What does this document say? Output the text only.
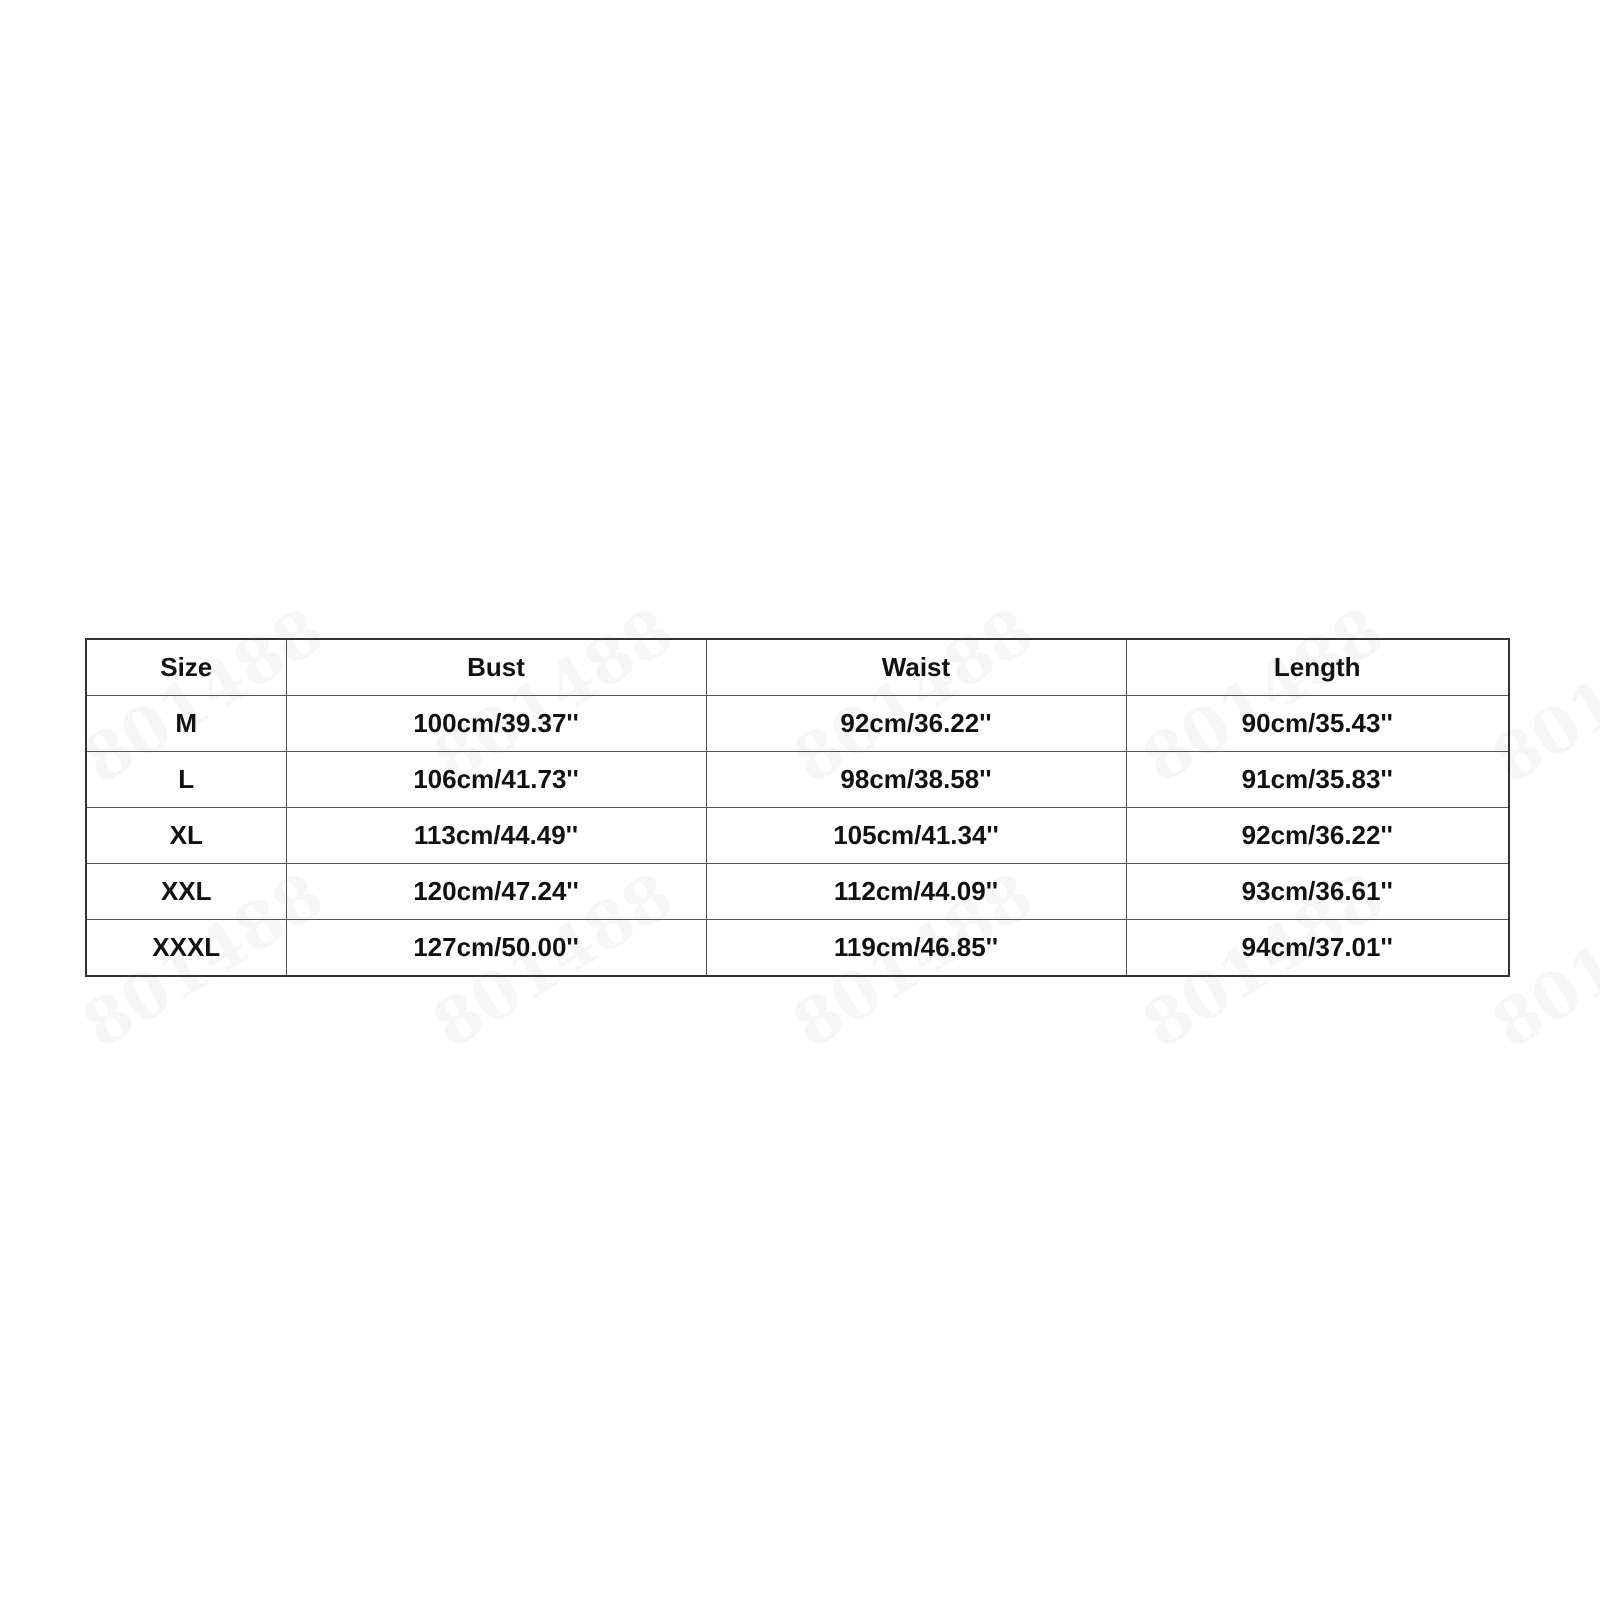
Size	Bust	Waist	Length
M	100cm/39.37''	92cm/36.22''	90cm/35.43''
L	106cm/41.73''	98cm/38.58''	91cm/35.83''
XL	113cm/44.49''	105cm/41.34''	92cm/36.22''
XXL	120cm/47.24''	112cm/44.09''	93cm/36.61''
XXXL	127cm/50.00''	119cm/46.85''	94cm/37.01''
